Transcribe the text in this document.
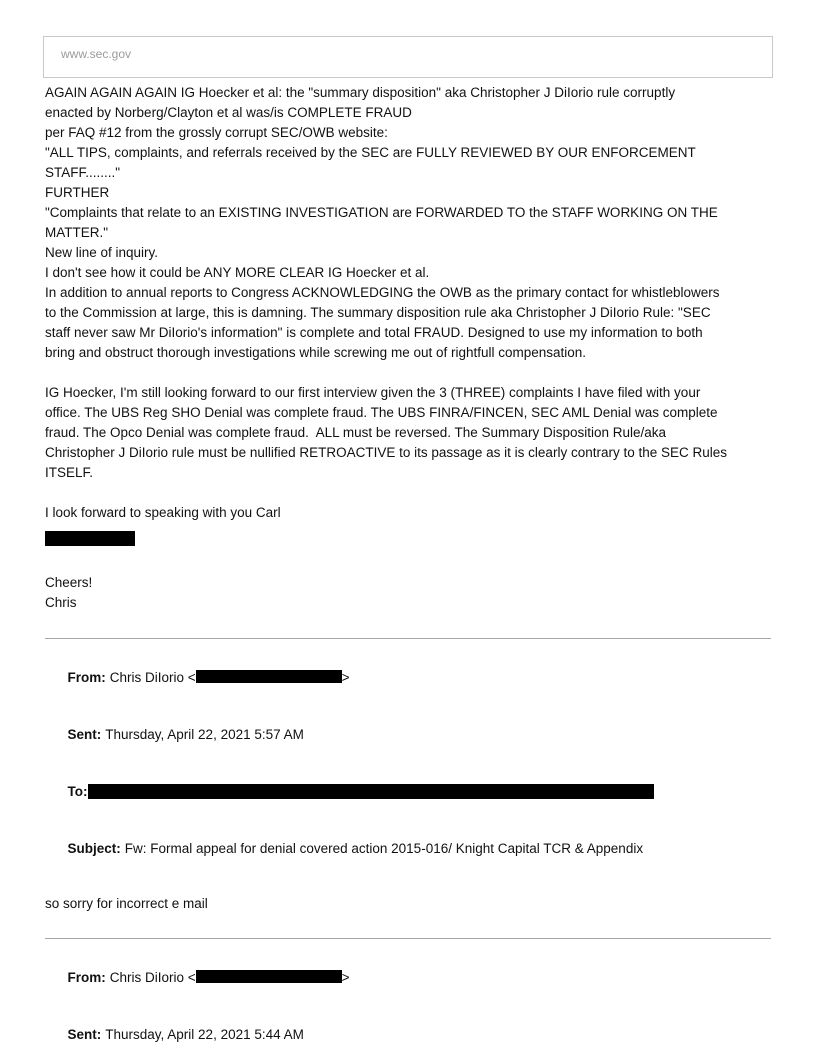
www.sec.gov
AGAIN AGAIN AGAIN IG Hoecker et al: the "summary disposition" aka Christopher J DiIorio rule corruptly
enacted by Norberg/Clayton et al was/is COMPLETE FRAUD
per FAQ #12 from the grossly corrupt SEC/OWB website:
"ALL TIPS, complaints, and referrals received by the SEC are FULLY REVIEWED BY OUR ENFORCEMENT
STAFF........"
FURTHER
"Complaints that relate to an EXISTING INVESTIGATION are FORWARDED TO the STAFF WORKING ON THE
MATTER."
New line of inquiry.
I don't see how it could be ANY MORE CLEAR IG Hoecker et al.
In addition to annual reports to Congress ACKNOWLEDGING the OWB as the primary contact for whistleblowers
to the Commission at large, this is damning. The summary disposition rule aka Christopher J DiIorio Rule: "SEC
staff never saw Mr DiIorio's information" is complete and total FRAUD. Designed to use my information to both
bring and obstruct thorough investigations while screwing me out of rightfull compensation.

IG Hoecker, I'm still looking forward to our first interview given the 3 (THREE) complaints I have filed with your
office. The UBS Reg SHO Denial was complete fraud. The UBS FINRA/FINCEN, SEC AML Denial was complete
fraud. The Opco Denial was complete fraud.  ALL must be reversed. The Summary Disposition Rule/aka
Christopher J DiIorio rule must be nullified RETROACTIVE to its passage as it is clearly contrary to the SEC Rules
ITSELF.

I look forward to speaking with you Carl

Cheers!
Chris

From: Chris DiIorio <	>

Sent: Thursday, April 22, 2021 5:57 AM

To:

Subject: Fw: Formal appeal for denial covered action 2015-016/ Knight Capital TCR & Appendix

so sorry for incorrect e mail

From: Chris DiIorio <	>

Sent: Thursday, April 22, 2021 5:44 AM
